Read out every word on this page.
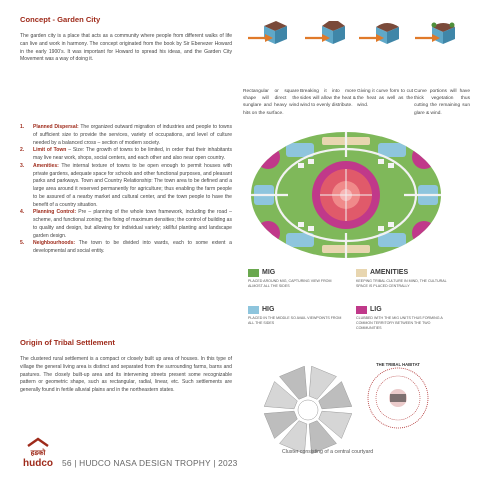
Concept - Garden City
The garden city is a place that acts as a community where people from different walks of life can live and work in harmony. The concept originated from the book by Sir Ebenezer Howard in the early 1900’s. It was important for Howard to spread his ideas, and the Garden City Movement was a way of doing it.
1. Planned Dispersal: The organized outward migration of industries and people to towns of sufficient size to provide the services, variety of occupations, and level of culture needed by a balanced cross – section of modern society.
2. Limit of Town – Size: The growth of towns to be limited, in order that their inhabitants may live near work, shops, social centers, and each other and also near open country.
3. Amenities: The internal texture of towns to be open enough to permit houses with private gardens, adequate space for schools and other functional purposes, and pleasant parks and parkways. Town and Country Relationship: The town area to be defined and a large area around it reserved permanently for agriculture; thus enabling the farm people to be assured of a nearby market and cultural center, and the town people to have the benefit of a country situation.
4. Planning Control: Pre – planning of the whole town framework, including the road – scheme, and functional zoning; the fixing of maximum densities; the control of building as to quality and design, but allowing for individual variety; skillful planting and landscape garden design.
5. Neighbourhoods: The town to be divided into wards, each to some extent a developmental and social entity.
Origin of Tribal Settlement
The clustered rural settlement is a compact or closely built up area of houses. In this type of village the general living area is distinct and separated from the surrounding farms, barns and pastures. The closely built-up area and its intervening streets present some recognizable pattern or geometric shape, such as rectangular, radial, linear, etc. Such settlements are generally found in fertile alluvial plains and in the northeastern states.
Rectangular or square shape will direct the sunglare and heavy wind hits on the surface.
Breaking it into more sides will allow the heat & wind to evenly distribute.
Giving it curve form to cut the heat as well as the wind.
Curve portions will have thick vegetation thus cutting the remaining sun glare & wind.
MIG
PLACED AROUND MIG, CAPTURING VIEW FROM ALMOST ALL THE SIDES
AMENITIES
KEEPING TRIBAL CULTURE IN MIND, THE CULTURAL SPACE IS PLACED CENTRALLY
HIG
PLACED IN THE MIDDLE SO AVAIL VIEWPOINTS FROM ALL THE SIDES
LIG
CLUBBED WITH THE MIG UNITS THUS FORMING A COMMON TERRITORY BETWEEN THE TWO COMMUNITIES
THE TRIBAL HABITAT
Cluster consisting of a central courtyard
हडको
hudco 56 | HUDCO NASA DESIGN TROPHY | 2023
